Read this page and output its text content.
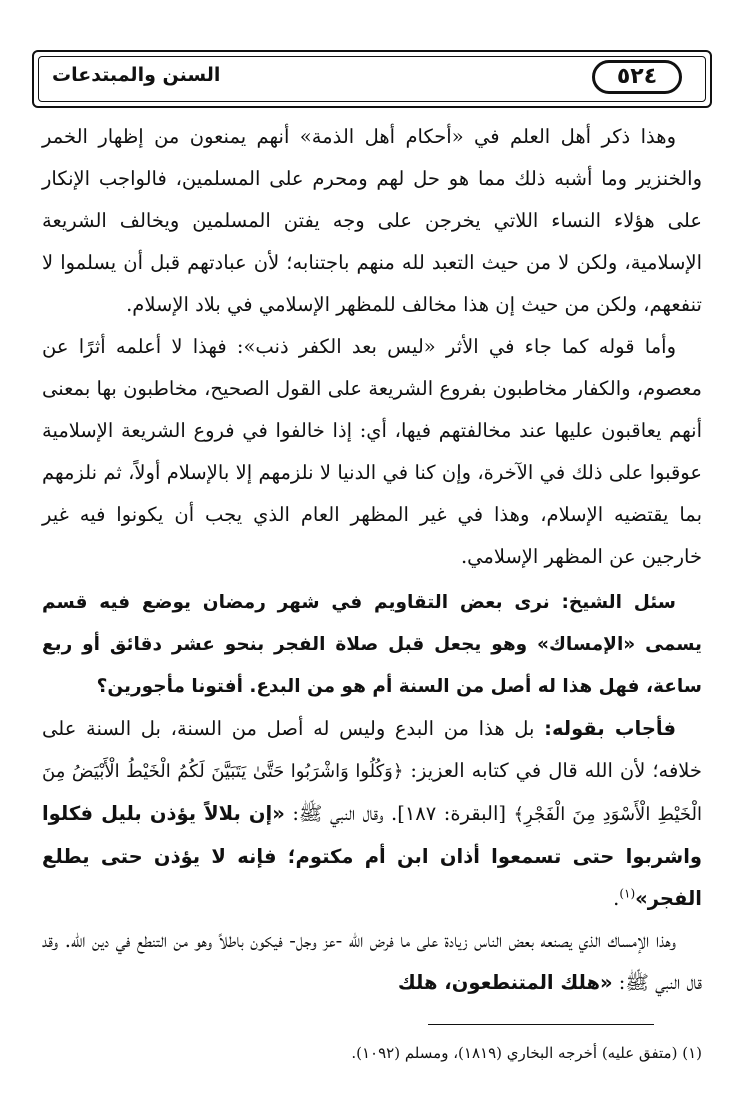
٥٢٤
السنن والمبتدعات

وهذا ذكر أهل العلم في «أحكام أهل الذمة» أنهم يمنعون من إظهار الخمر والخنزير وما أشبه ذلك مما هو حل لهم ومحرم على المسلمين، فالواجب الإنكار على هؤلاء النساء اللاتي يخرجن على وجه يفتن المسلمين ويخالف الشريعة الإسلامية، ولكن لا من حيث التعبد لله منهم باجتنابه؛ لأن عبادتهم قبل أن يسلموا لا تنفعهم، ولكن من حيث إن هذا مخالف للمظهر الإسلامي في بلاد الإسلام.

وأما قوله كما جاء في الأثر «ليس بعد الكفر ذنب»: فهذا لا أعلمه أثرًا عن معصوم، والكفار مخاطبون بفروع الشريعة على القول الصحيح، مخاطبون بها بمعنى أنهم يعاقبون عليها عند مخالفتهم فيها، أي: إذا خالفوا في فروع الشريعة الإسلامية عوقبوا على ذلك في الآخرة، وإن كنا في الدنيا لا نلزمهم إلا بالإسلام أولاً، ثم نلزمهم بما يقتضيه الإسلام، وهذا في غير المظهر العام الذي يجب أن يكونوا فيه غير خارجين عن المظهر الإسلامي.

سئل الشيخ: نرى بعض التقاويم في شهر رمضان يوضع فيه قسم يسمى «الإمساك» وهو يجعل قبل صلاة الفجر بنحو عشر دقائق أو ربع ساعة، فهل هذا له أصل من السنة أم هو من البدع. أفتونا مأجورين؟

فأجاب بقوله: بل هذا من البدع وليس له أصل من السنة، بل السنة على خلافه؛ لأن الله قال في كتابه العزيز: ﴿وَكُلُوا وَاشْرَبُوا حَتَّىٰ يَتَبَيَّنَ لَكُمُ الْخَيْطُ الْأَبْيَضُ مِنَ الْخَيْطِ الْأَسْوَدِ مِنَ الْفَجْرِ﴾ [البقرة: ١٨٧]. وقال النبي ﷺ: «إن بلالاً يؤذن بليل فكلوا واشربوا حتى تسمعوا أذان ابن أم مكتوم؛ فإنه لا يؤذن حتى يطلع الفجر»$^{(١)}$.

وهذا الإمساك الذي يصنعه بعض الناس زيادة على ما فرض الله -عز وجل- فيكون باطلاً وهو من التنطع في دين الله. وقد قال النبي ﷺ: «هلك المتنطعون، هلك

(١) (متفق عليه) أخرجه البخاري (١٨١٩)، ومسلم (١٠٩٢).
